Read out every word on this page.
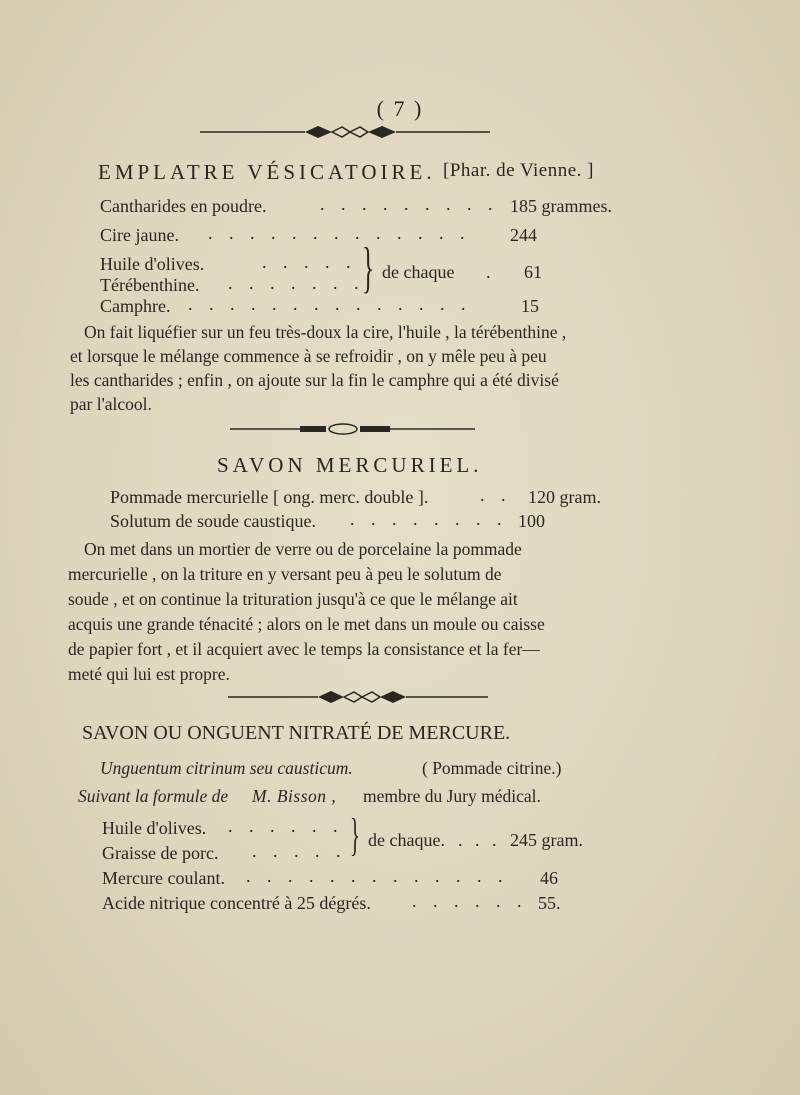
( 7 )
EMPLATRE VÉSICATOIRE. [Phar. de Vienne. ]
Cantharides en poudre.	. . . . . . . . . 185 grammes.
Cire jaune. . . . . . . . . . . . . . 244
Huile d'olives.	. . . . .
Térébenthine. . . . . . . .
} de chaque . 61
Camphre. . . . . . . . . . . . . . .	15
On fait liquéfier sur un feu très-doux la cire, l'huile , la térébenthine ,
et lorsque le mélange commence à se refroidir , on y mêle peu à peu
les cantharides ; enfin , on ajoute sur la fin le camphre qui a été divisé
par l'alcool.
SAVON MERCURIEL.
Pommade mercurielle [ ong. merc. double ].	. . 120 gram.
Solutum de soude caustique. . . . . . . . . 100
On met dans un mortier de verre ou de porcelaine la pommade
mercurielle , on la triture en y versant peu à peu le solutum de
soude , et on continue la trituration jusqu'à ce que le mélange ait
acquis une grande ténacité ; alors on le met dans un moule ou caisse
de papier fort , et il acquiert avec le temps la consistance et la fer—
meté qui lui est propre.
SAVON OU ONGUENT NITRATÉ DE MERCURE.
Unguentum citrinum seu causticum.	( Pommade citrine.)
Suivant la formule de M. Bisson , membre du Jury médical.
Huile d'olives. . . . . . .
Graisse de porc. . . . . . } de chaque. . . . 245 gram.
Mercure coulant. . . . . . . . . . . . . . 46
Acide nitrique concentré à 25 dégrés. . . . . . . 55.
